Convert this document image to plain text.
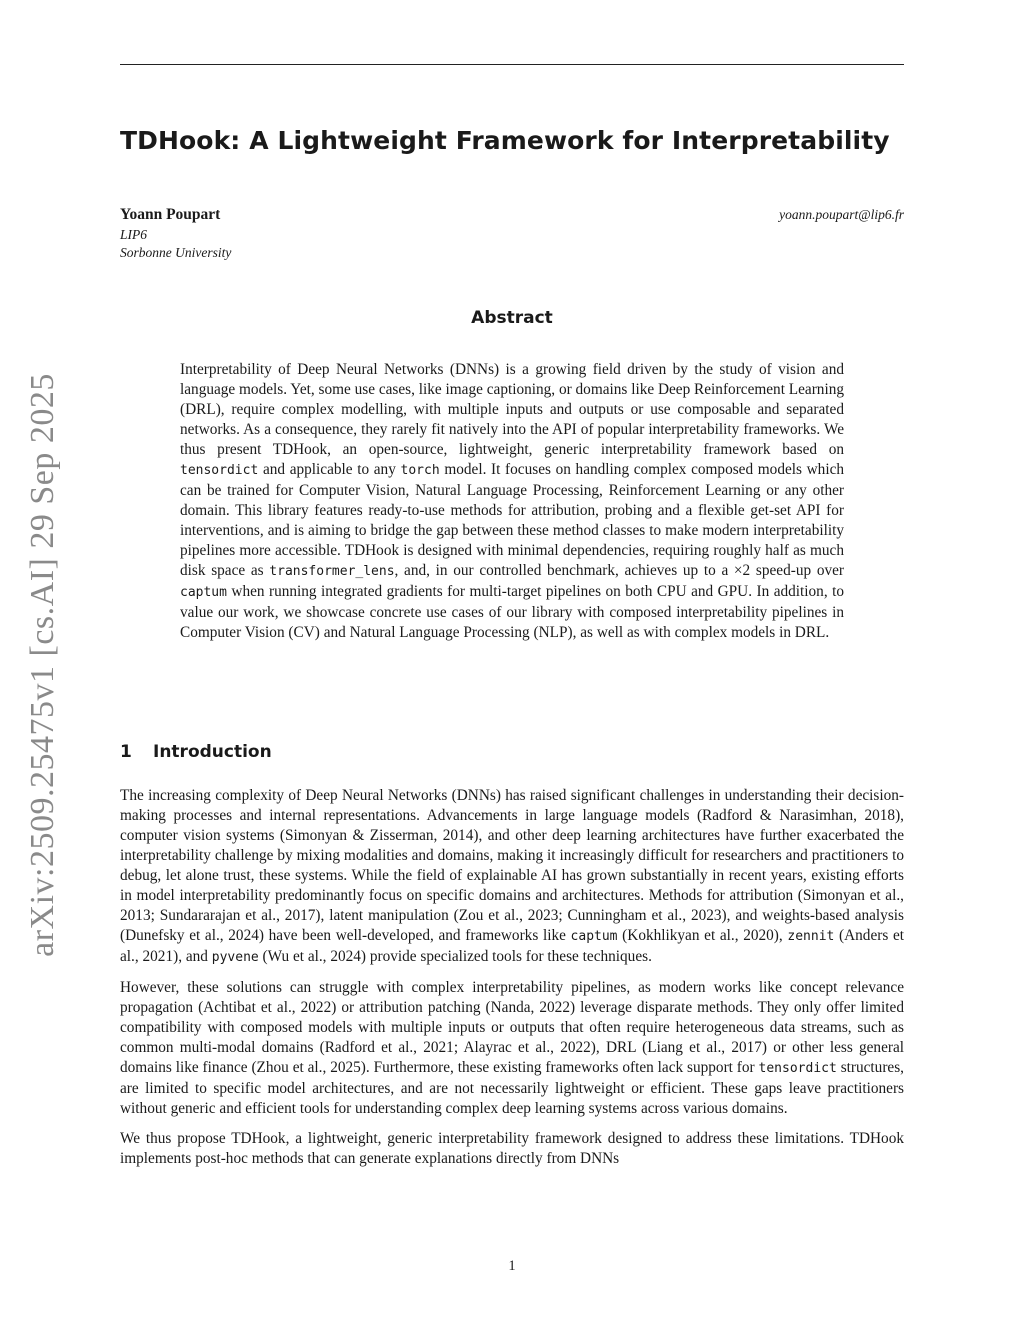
arXiv:2509.25475v1 [cs.AI] 29 Sep 2025
TDHook: A Lightweight Framework for Interpretability
Yoann Poupart
LIP6
Sorbonne University
yoann.poupart@lip6.fr
Abstract

Interpretability of Deep Neural Networks (DNNs) is a growing field driven by the study of vision and language models. Yet, some use cases, like image captioning, or domains like Deep Reinforcement Learning (DRL), require complex modelling, with multiple inputs and outputs or use composable and separated networks. As a consequence, they rarely fit natively into the API of popular interpretability frameworks. We thus present TDHook, an open-source, lightweight, generic interpretability framework based on tensordict and applicable to any torch model. It focuses on handling complex composed models which can be trained for Computer Vision, Natural Language Processing, Reinforcement Learning or any other domain. This library features ready-to-use methods for attribution, probing and a flexible get-set API for interventions, and is aiming to bridge the gap between these method classes to make modern interpretability pipelines more accessible. TDHook is designed with minimal dependencies, requiring roughly half as much disk space as transformer_lens, and, in our controlled benchmark, achieves up to a ×2 speed-up over captum when running integrated gradients for multi-target pipelines on both CPU and GPU. In addition, to value our work, we showcase concrete use cases of our library with composed interpretability pipelines in Computer Vision (CV) and Natural Language Processing (NLP), as well as with complex models in DRL.

1 Introduction

The increasing complexity of Deep Neural Networks (DNNs) has raised significant challenges in understanding their decision-making processes and internal representations. Advancements in large language models (Radford & Narasimhan, 2018), computer vision systems (Simonyan & Zisserman, 2014), and other deep learning architectures have further exacerbated the interpretability challenge by mixing modalities and domains, making it increasingly difficult for researchers and practitioners to debug, let alone trust, these systems. While the field of explainable AI has grown substantially in recent years, existing efforts in model interpretability predominantly focus on specific domains and architectures. Methods for attribution (Simonyan et al., 2013; Sundararajan et al., 2017), latent manipulation (Zou et al., 2023; Cunningham et al., 2023), and weights-based analysis (Dunefsky et al., 2024) have been well-developed, and frameworks like captum (Kokhlikyan et al., 2020), zennit (Anders et al., 2021), and pyvene (Wu et al., 2024) provide specialized tools for these techniques.

However, these solutions can struggle with complex interpretability pipelines, as modern works like concept relevance propagation (Achtibat et al., 2022) or attribution patching (Nanda, 2022) leverage disparate methods. They only offer limited compatibility with composed models with multiple inputs or outputs that often require heterogeneous data streams, such as common multi-modal domains (Radford et al., 2021; Alayrac et al., 2022), DRL (Liang et al., 2017) or other less general domains like finance (Zhou et al., 2025). Furthermore, these existing frameworks often lack support for tensordict structures, are limited to specific model architectures, and are not necessarily lightweight or efficient. These gaps leave practitioners without generic and efficient tools for understanding complex deep learning systems across various domains.

We thus propose TDHook, a lightweight, generic interpretability framework designed to address these limitations. TDHook implements post-hoc methods that can generate explanations directly from DNNs

1
